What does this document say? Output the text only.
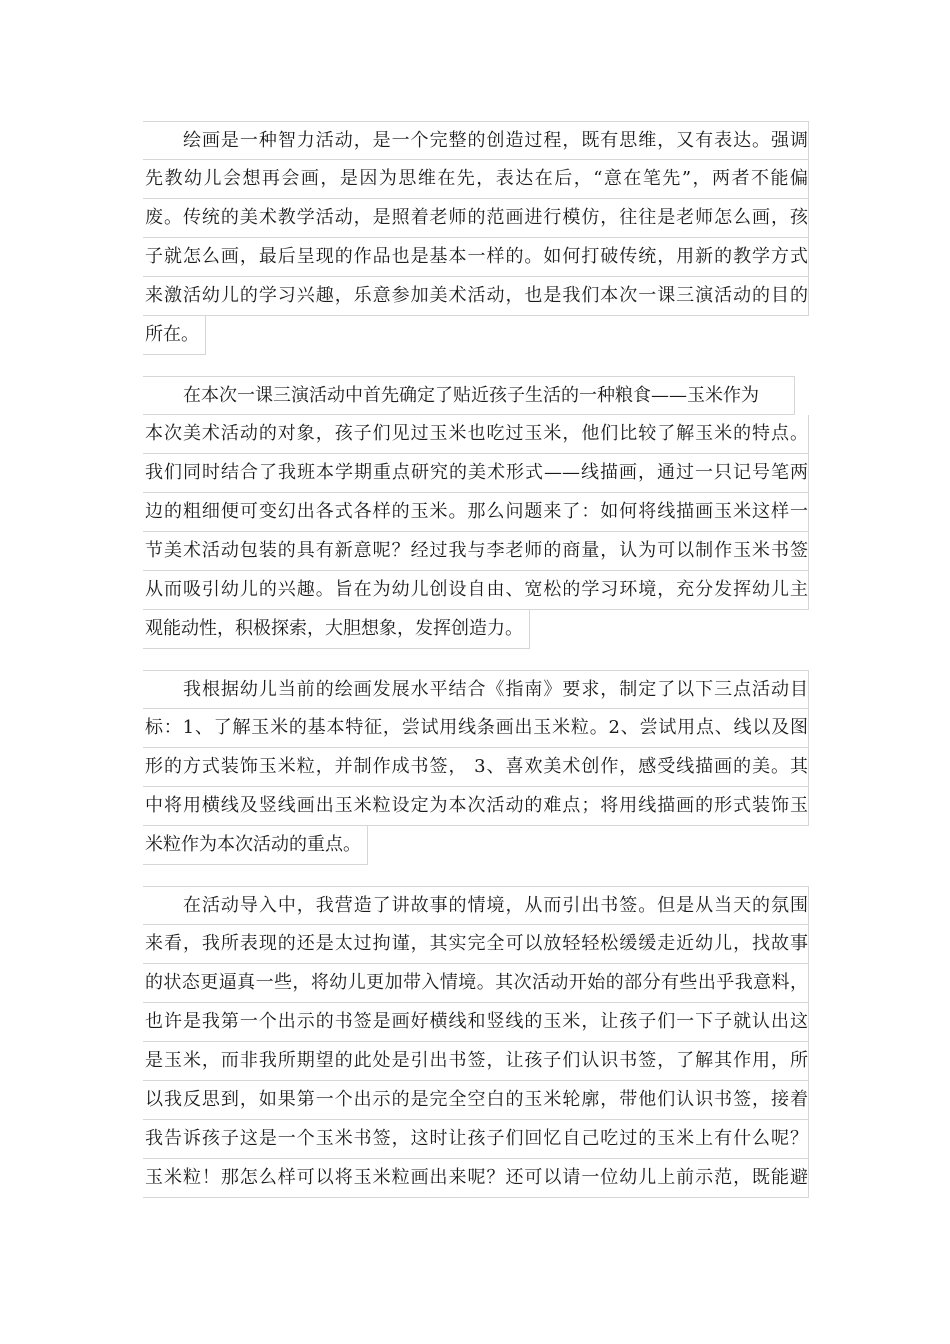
绘画是一种智力活动，是一个完整的创造过程，既有思维，又有表达。强调
先教幼儿会想再会画，是因为思维在先，表达在后，“意在笔先”，两者不能偏
废。传统的美术教学活动，是照着老师的范画进行模仿，往往是老师怎么画，孩
子就怎么画，最后呈现的作品也是基本一样的。如何打破传统，用新的教学方式
来激活幼儿的学习兴趣，乐意参加美术活动，也是我们本次一课三演活动的目的
所在。
在本次一课三演活动中首先确定了贴近孩子生活的一种粮食——玉米作为
本次美术活动的对象，孩子们见过玉米也吃过玉米，他们比较了解玉米的特点。
我们同时结合了我班本学期重点研究的美术形式——线描画，通过一只记号笔两
边的粗细便可变幻出各式各样的玉米。那么问题来了：如何将线描画玉米这样一
节美术活动包装的具有新意呢？经过我与李老师的商量，认为可以制作玉米书签
从而吸引幼儿的兴趣。旨在为幼儿创设自由、宽松的学习环境，充分发挥幼儿主
观能动性，积极探索，大胆想象，发挥创造力。
我根据幼儿当前的绘画发展水平结合《指南》要求，制定了以下三点活动目
标：1、了解玉米的基本特征，尝试用线条画出玉米粒。2、尝试用点、线以及图
形的方式装饰玉米粒，并制作成书签， 3、喜欢美术创作，感受线描画的美。其
中将用横线及竖线画出玉米粒设定为本次活动的难点；将用线描画的形式装饰玉
米粒作为本次活动的重点。
在活动导入中，我营造了讲故事的情境，从而引出书签。但是从当天的氛围
来看，我所表现的还是太过拘谨，其实完全可以放轻轻松缓缓走近幼儿，找故事
的状态更逼真一些，将幼儿更加带入情境。其次活动开始的部分有些出乎我意料，
也许是我第一个出示的书签是画好横线和竖线的玉米，让孩子们一下子就认出这
是玉米，而非我所期望的此处是引出书签，让孩子们认识书签，了解其作用，所
以我反思到，如果第一个出示的是完全空白的玉米轮廓，带他们认识书签，接着
我告诉孩子这是一个玉米书签，这时让孩子们回忆自己吃过的玉米上有什么呢？
玉米粒！那怎么样可以将玉米粒画出来呢？还可以请一位幼儿上前示范，既能避
